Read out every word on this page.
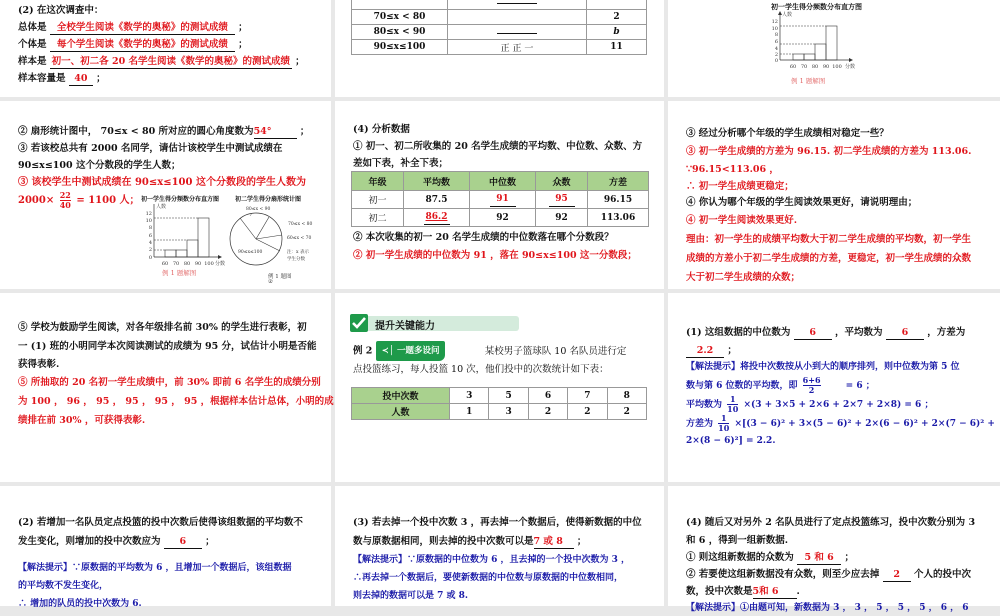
(2) 在这次调查中：
总体是 全校学生阅读《数学的奥秘》的测试成绩 ；
个体是 每个学生阅读《数学的奥秘》的测试成绩 ；
样本是 初一、初二各 20 名学生阅读《数学的奥秘》的测试成绩 ；
样本容量是 40 ；

70≤x < 80		2
80≤x < 90		b
90≤x≤100	正 正 一	11
初一学生得分频数分布直方图
人数
12
10
8
6
4
2
0
60 70 80 90 100 分数
例 1 题解图
② 扇形统计图中， 70≤x < 80 所对应的圆心角度数为54°	；
③ 若该校总共有 2000 名同学，请估计该校学生中测试成绩在
90≤x≤100 这个分数段的学生人数；
③ 该校学生中测试成绩在 90≤x≤100 这个分数段的学生人数为
$2000\times \frac{22}{40} = 1100$ 人； 初一学生得分频数分布直方图	初二学生得分扇形统计图
人数
12
10
8
6
4
2
0
60 70 80 90 100 分数
例 1 题解图
80≤x < 90
70≤x < 80
60≤x < 70
90≤x≤100	注：x 表示
学生分数
例 1 题图
②
(4) 分析数据
① 初一、初二所收集的 20 名学生成绩的平均数、中位数、众数、方
差如下表，补全下表；
年级	平均数	中位数	众数	方差
初一	87.5	91	95	96.15
初二	86.2	92	92	113.06
② 本次收集的初一 20 名学生成绩的中位数落在哪个分数段？
② 初一学生成绩的中位数为 91 ，落在 90≤x≤100 这一分数段；
③ 经过分析哪个年级的学生成绩相对稳定一些？
③ 初一学生成绩的方差为 96.15. 初二学生成绩的方差为 113.06.
∵96.15<113.06 ，
∴ 初一学生成绩更稳定；
④ 你认为哪个年级的学生阅读效果更好，请说明理由；
④ 初一学生阅读效果更好.
理由：初一学生的成绩平均数大于初二学生成绩的平均数，初一学生
成绩的方差小于初二学生成绩的方差，更稳定，初一学生成绩的众数
大于初二学生成绩的众数；
⑤ 学校为鼓励学生阅读，对各年级排名前 30% 的学生进行表彰，初
一 (1) 班的小明同学本次阅读测试的成绩为 95 分，试估计小明是否能
获得表彰.
⑤ 所抽取的 20 名初一学生成绩中，前 30% 即前 6 名学生的成绩分别
为 100 ， 96 ， 95 ， 95 ， 95 ， 95 ，根据样本估计总体，小明的成
绩排在前 30% ，可获得表彰.
提升关键能力
例 2 ≺│ 一题多设问	某校男子篮球队 10 名队员进行定
点投篮练习，每人投篮 10 次，他们投中的次数统计如下表：
投中次数	3	5	6	7	8
人数	1	3	2	2	2
(1) 这组数据的中位数为 6 ，平均数为 6 ，方差为
2.2 ；
【解法提示】将投中次数按从小到大的顺序排列，则中位数为第 5 位
数与第 6 位数的平均数，即 $\frac{6+6}{2}$	= 6 ；
平均数为 $\frac{1}{10} \times(3 + 3\times 5 + 2\times 6 + 2\times 7 + 2\times 8) = 6$ ；
方差为 $\frac{1}{10} \times[(3 - 6)^2 + 3\times(5 - 6)^2 + 2\times(6 - 6)^2 + 2\times(7 - 6)^2$ +
2×(8 − 6)²] = 2.2.
(2) 若增加一名队员定点投篮的投中次数后使得该组数据的平均数不
发生变化，则增加的投中次数应为 6 ；
【解法提示】∵原数据的平均数为 6 ，且增加一个数据后，该组数据
的平均数不发生变化，
∴ 增加的队员的投中次数为 6.
(3) 若去掉一个投中次数 3 ，再去掉一个数据后，使得新数据的中位
数与原数据相同，则去掉的投中次数可以是7 或 8 ；
【解法提示】∵原数据的中位数为 6 ，且去掉的一个投中次数为 3 ，
∴再去掉一个数据后，要使新数据的中位数与原数据的中位数相同，
则去掉的数据可以是 7 或 8.
(4) 随后又对另外 2 名队员进行了定点投篮练习，投中次数分别为 3
和 6 ，得到一组新数据.
① 则这组新数据的众数为 5 和 6 ；
② 若要使这组新数据没有众数，则至少应去掉 2 个人的投中次
数，投中次数是5和 6 .
【解法提示】①由题可知，新数据为 3 ， 3 ， 5 ， 5 ， 5 ， 6 ， 6
